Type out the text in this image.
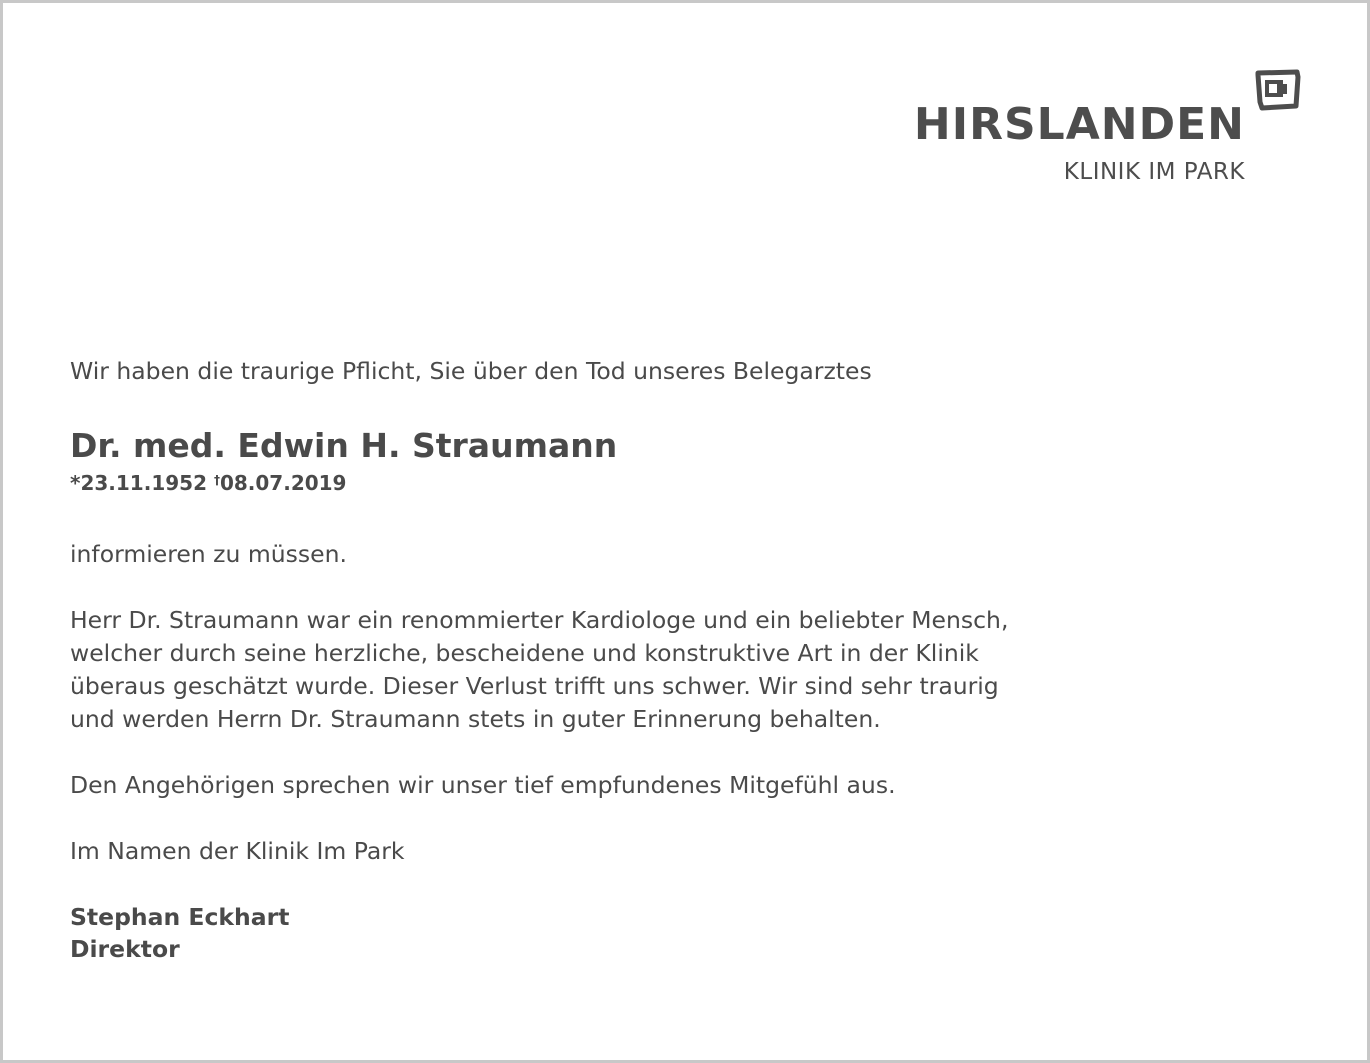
HIRSLANDEN
KLINIK IM PARK

Wir haben die traurige Pflicht, Sie über den Tod unseres Belegarztes

Dr. med. Edwin H. Straumann
*23.11.1952 †08.07.2019

informieren zu müssen.

Herr Dr. Straumann war ein renommierter Kardiologe und ein beliebter Mensch,
welcher durch seine herzliche, bescheidene und konstruktive Art in der Klinik
überaus geschätzt wurde. Dieser Verlust trifft uns schwer. Wir sind sehr traurig
und werden Herrn Dr. Straumann stets in guter Erinnerung behalten.

Den Angehörigen sprechen wir unser tief empfundenes Mitgefühl aus.

Im Namen der Klinik Im Park

Stephan Eckhart
Direktor
